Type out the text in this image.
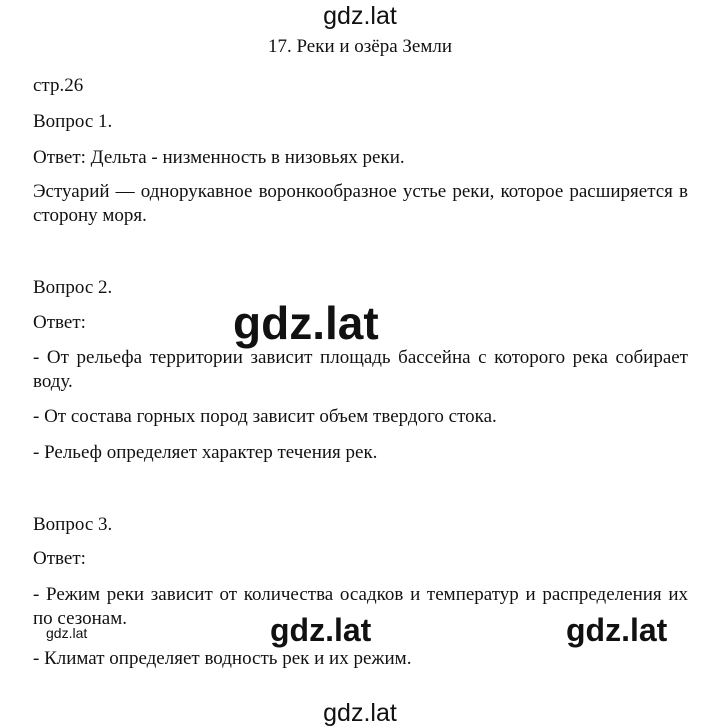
gdz.lat

17. Реки и озёра Земли

стр.26

Вопрос 1.

Ответ: Дельта - низменность в низовьях реки.

Эстуарий — однорукавное воронкообразное устье реки, которое расширяется в сторону моря.

Вопрос 2.

Ответ:

- От рельефа территории зависит площадь бассейна с которого река собирает воду.

- От состава горных пород зависит объем твердого стока.

- Рельеф определяет характер течения рек.

Вопрос 3.

Ответ:

- Режим реки зависит от количества осадков и температур и распределения их по сезонам.

- Климат определяет водность рек и их режим.

gdz.lat
gdz.lat	gdz.lat	gdz.lat
gdz.lat
